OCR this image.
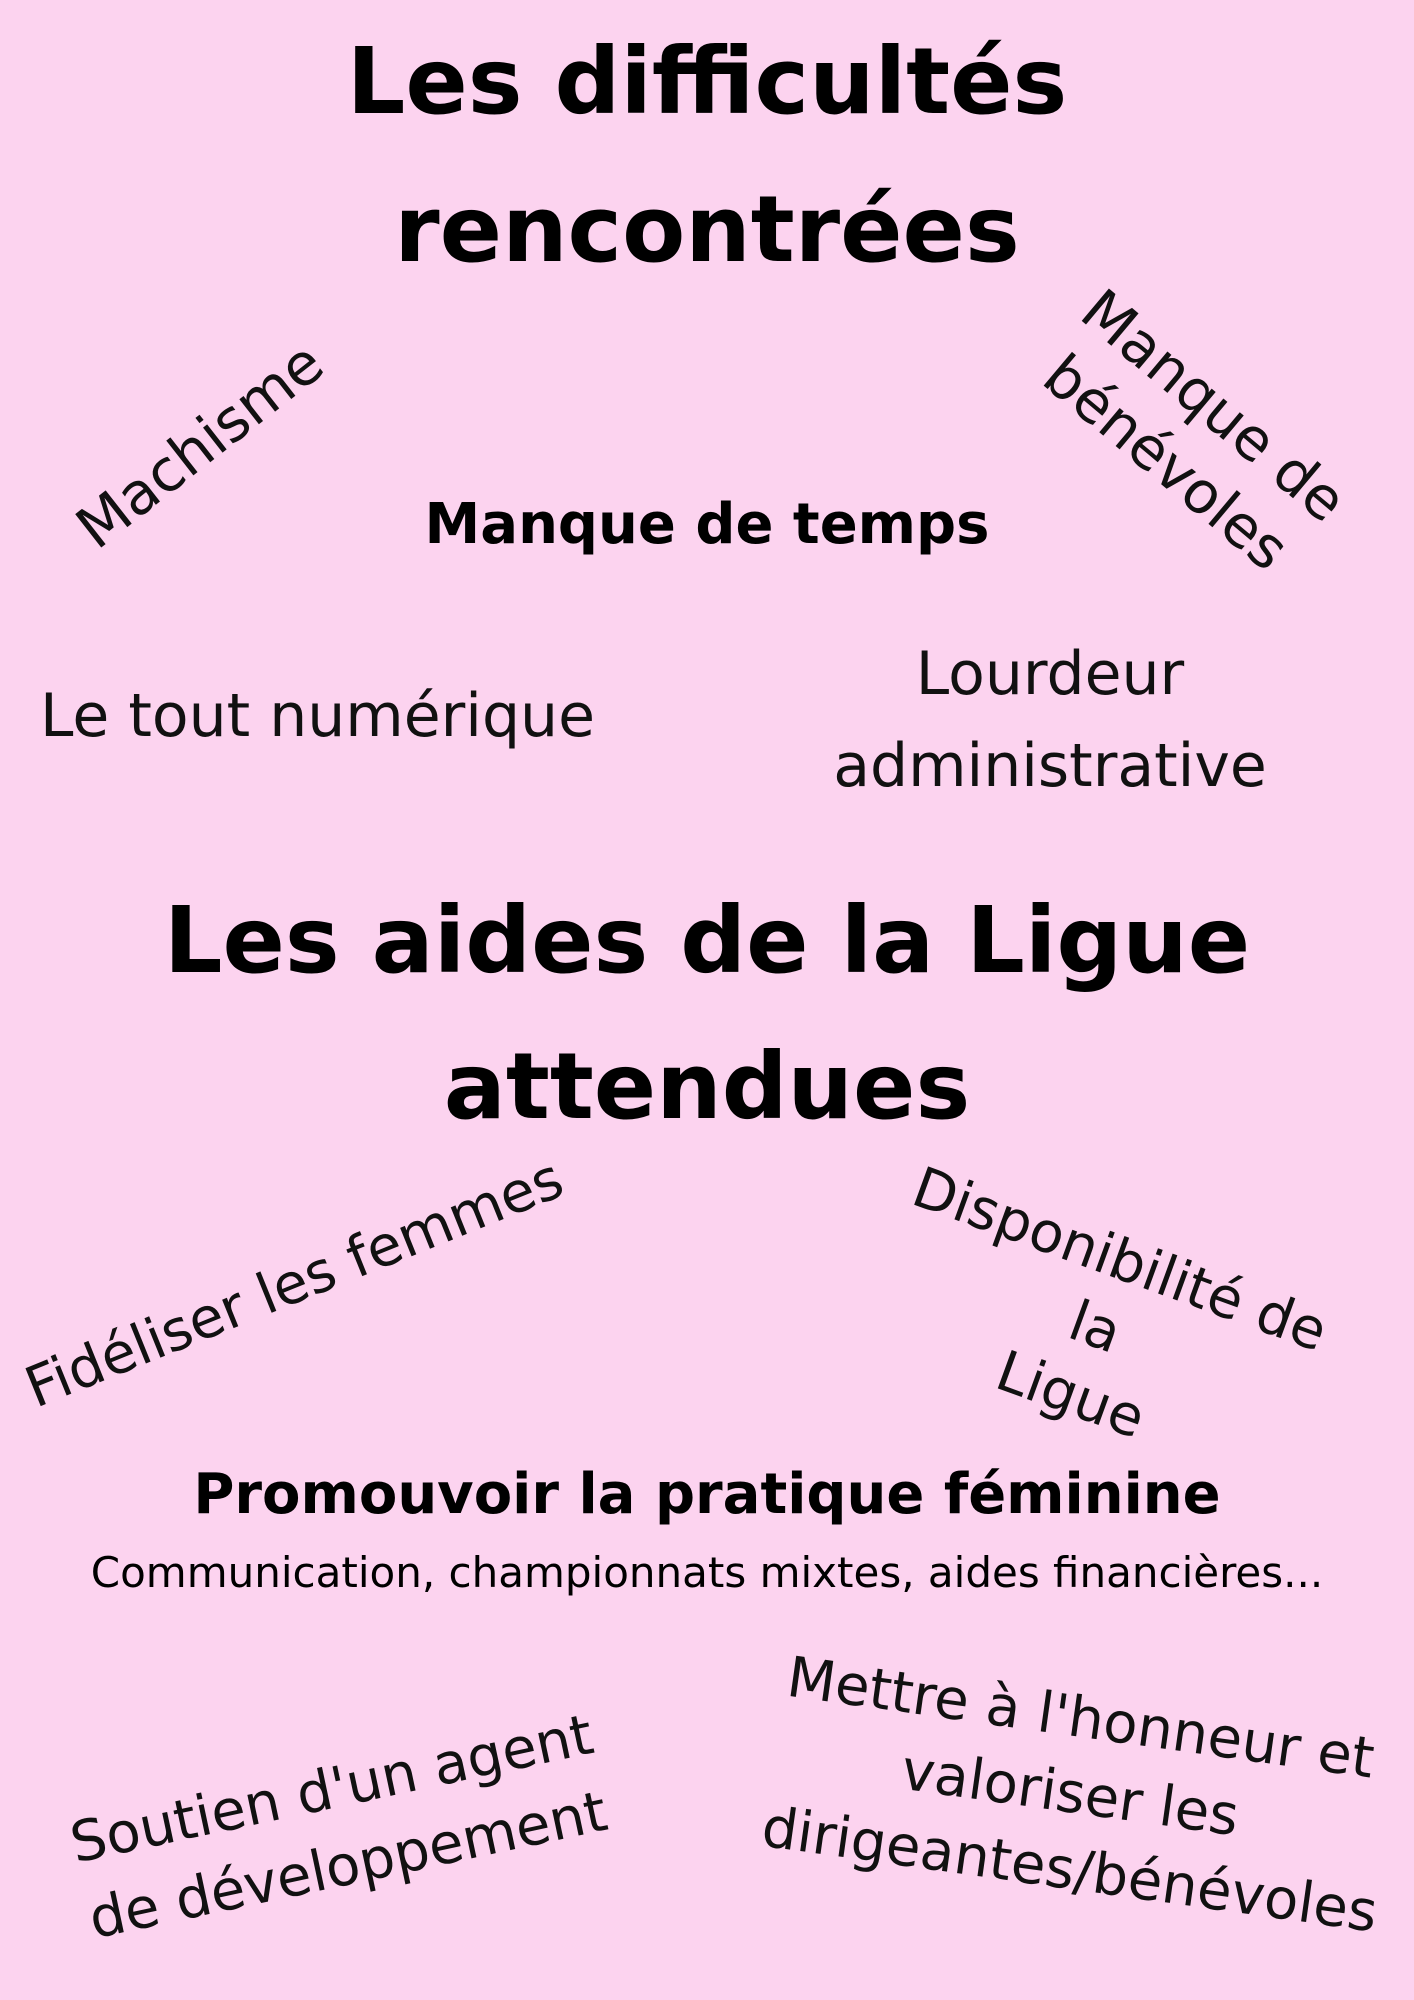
Les difficultés
rencontrées
Machisme	Manque de
bénévoles
Manque de temps
Le tout numérique
Lourdeur
administrative
Les aides de la Ligue
attendues
Fidéliser les femmes	Disponibilité de la
Ligue
Promouvoir la pratique féminine
Communication, championnats mixtes, aides financières...
Soutien d'un agent
de développement
Mettre à l'honneur et
valoriser les
dirigeantes/bénévoles
